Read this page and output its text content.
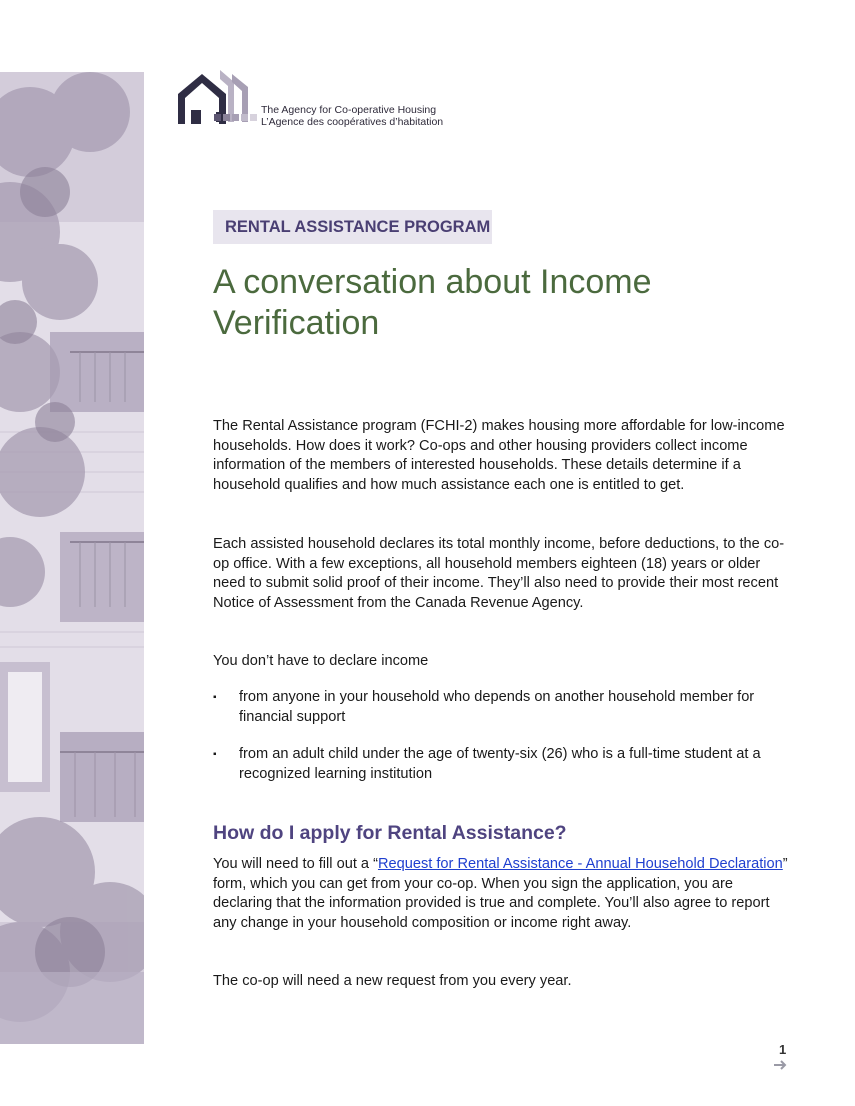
The Agency for Co-operative Housing
L’Agence des coopératives d’habitation
RENTAL ASSISTANCE PROGRAM
A conversation about Income Verification

The Rental Assistance program (FCHI-2) makes housing more affordable for low-income households. How does it work? Co-ops and other housing providers collect income information of the members of interested households. These details determine if a household qualifies and how much assistance each one is entitled to get.

Each assisted household declares its total monthly income, before deductions, to the co-op office. With a few exceptions, all household members eighteen (18) years or older need to submit solid proof of their income. They’ll also need to provide their most recent Notice of Assessment from the Canada Revenue Agency.

You don’t have to declare income

▪ from anyone in your household who depends on another household member for financial support
▪ from an adult child under the age of twenty-six (26) who is a full-time student at a recognized learning institution
How do I apply for Rental Assistance?

You will need to fill out a “Request for Rental Assistance - Annual Household Declaration” form, which you can get from your co-op. When you sign the application, you are declaring that the information provided is true and complete. You’ll also agree to report any change in your household composition or income right away.

The co-op will need a new request from you every year.

1
